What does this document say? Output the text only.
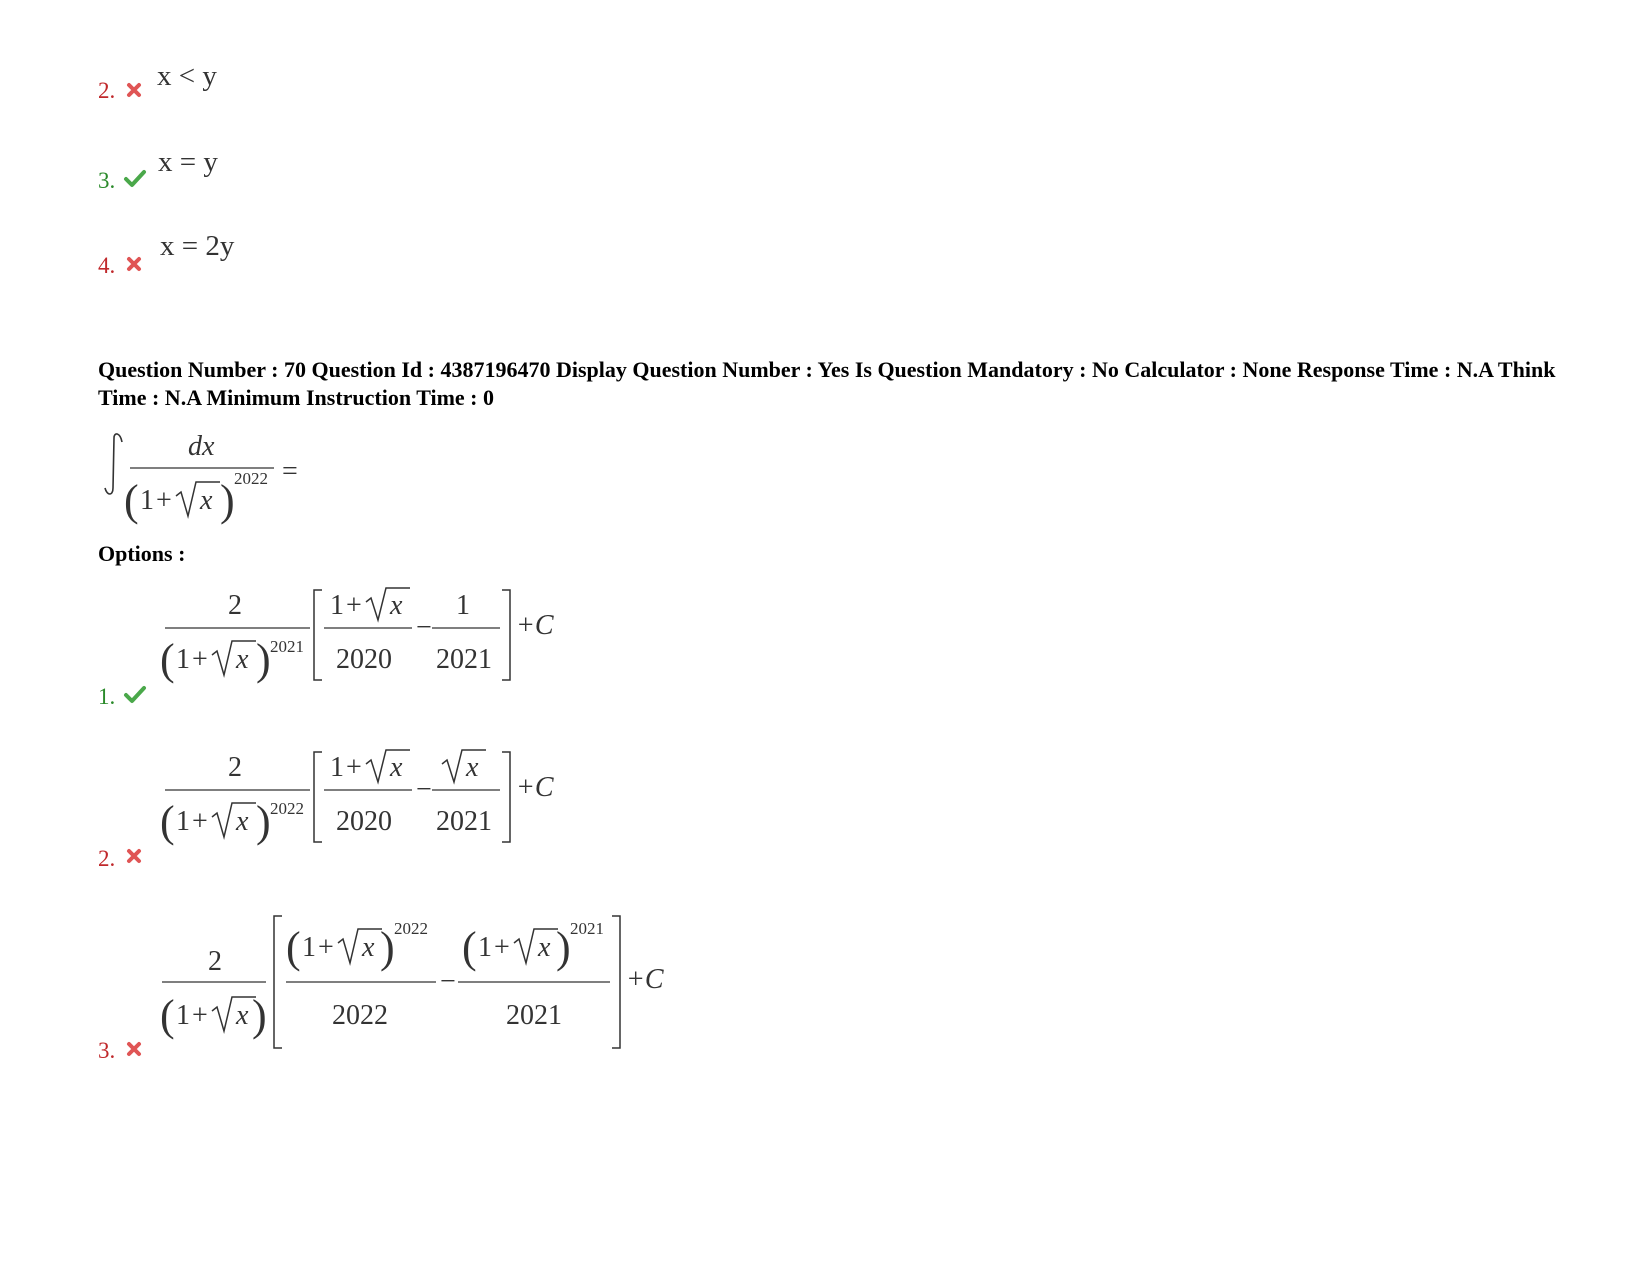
2. x < y
3.
x = y
4.
x = 2y
Question Number : 70 Question Id : 4387196470 Display Question Number : Yes Is Question Mandatory : No Calculator : None Response Time : N.A Think Time : N.A Minimum Instruction Time : 0
dx
( 1 + x ) 2022 =
Options :
1.
2
( 1 + x ) 2021
1 + x
2020
−
1
2021
+C
2.
2
( 1 + x ) 2022
1 + x
2020
−
x
2021
+C
3.
2
( 1 + x )
( 1 + x ) 2022
2022
−
( 1 + x ) 2021
2021
+C
